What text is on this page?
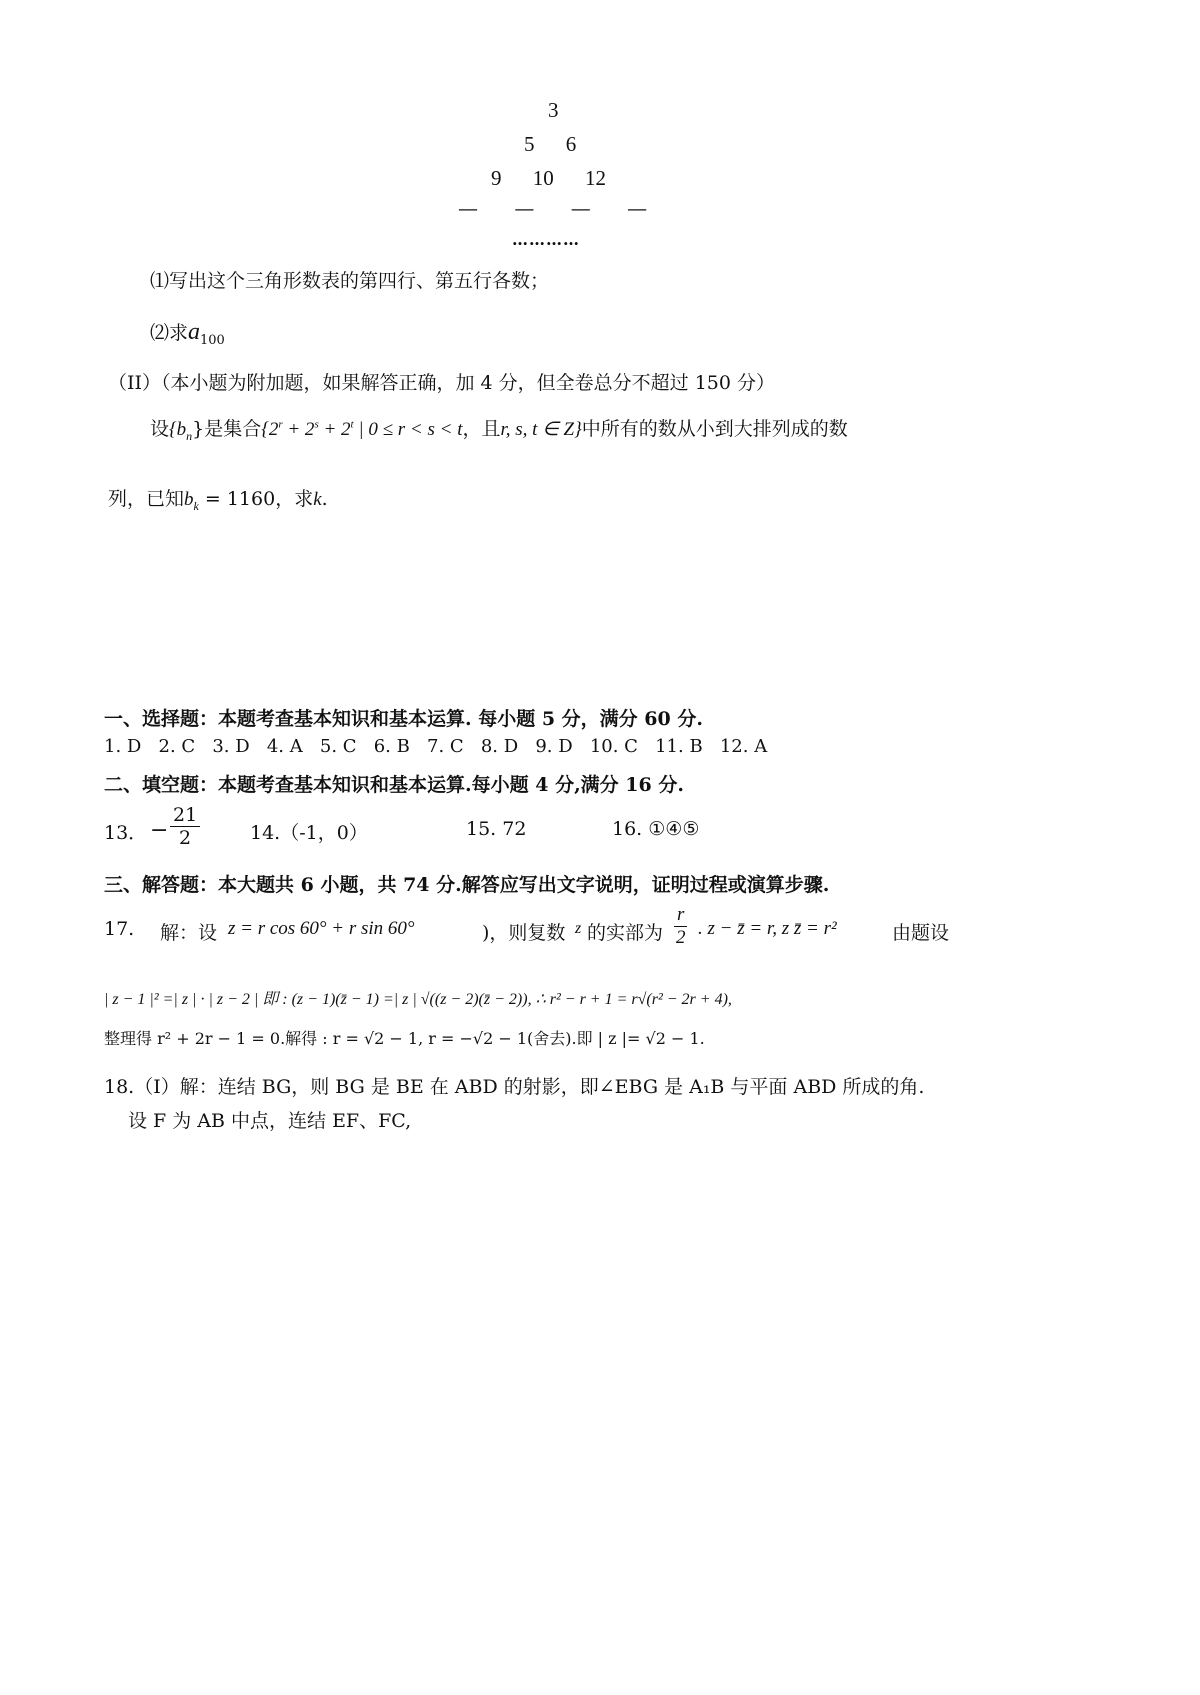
3
5 6
9 10 12
— — — —
…………
⑴写出这个三角形数表的第四行、第五行各数；
⑵求$a_{100}$
（II）（本小题为附加题，如果解答正确，加 4 分，但全卷总分不超过 150 分）
设$\{b_n\}$是集合{$2^r + 2^s + 2^t$ | 0 ≤ r < s < t，且r, s, t ∈ Z}中所有的数从小到大排列成的数
列，已知$b_k = 1160$，求k.
一、选择题：本题考查基本知识和基本运算. 每小题 5 分，满分 60 分.
1. D   2. C   3. D   4. A   5. C   6. B   7. C   8. D   9. D   10. C   11. B   12. A
二、填空题：本题考查基本知识和基本运算.每小题 4 分,满分 16 分.
13． − $\frac{21}{2}$	14.（-1，0）	15. 72	16. ①④⑤
三、解答题：本大题共 6 小题，共 74 分.解答应写出文字说明，证明过程或演算步骤.
17. 解：设 z = r cos 60° + r sin 60°	)，则复数 z 的实部为 $\frac{r}{2}$ . z − z̄ = r, z z̄ = r²	由题设
| z − 1 |² =| z | · | z − 2 | 即 : (z − 1)(z̄ − 1) =| z | √((z − 2)(z̄ − 2)), ∴ r² − r + 1 = r√(r² − 2r + 4),
整理得 r² + 2r − 1 = 0.解得 : r = √2 − 1, r = −√2 − 1(舍去).即 | z |= √2 − 1.
18.（Ⅰ）解：连结 BG，则 BG 是 BE 在 ABD 的射影，即∠EBG 是 A₁B 与平面 ABD 所成的角.
设 F 为 AB 中点，连结 EF、FC,
